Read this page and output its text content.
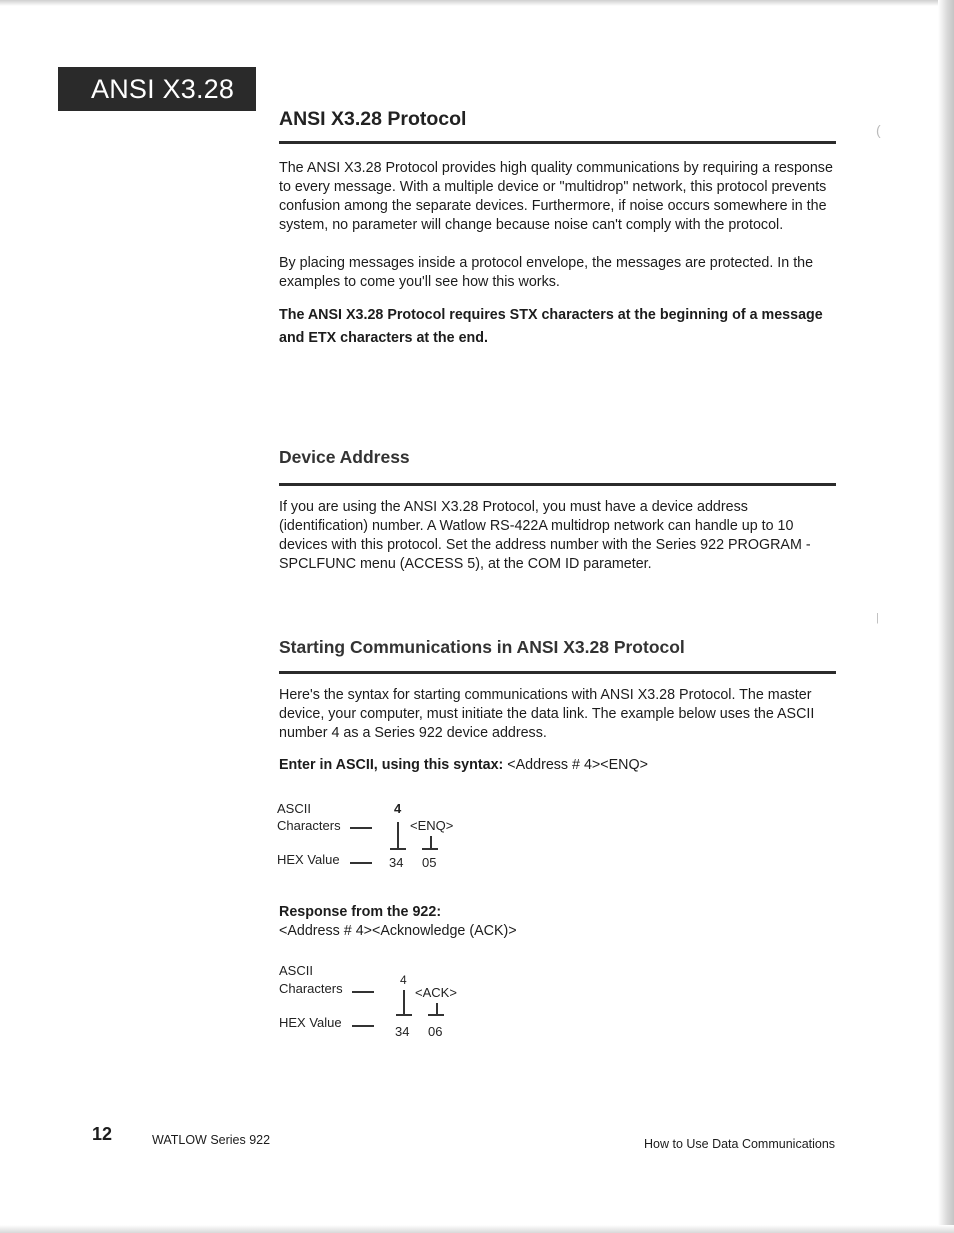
ANSI X3.28
ANSI X3.28 Protocol

The ANSI X3.28 Protocol provides high quality communications by requiring a response to every message. With a multiple device or "multidrop" network, this protocol prevents confusion among the separate devices. Furthermore, if noise occurs somewhere in the system, no parameter will change because noise can't comply with the protocol.

By placing messages inside a protocol envelope, the messages are protected. In the examples to come you'll see how this works.

The ANSI X3.28 Protocol requires STX characters at the beginning of a message and ETX characters at the end.

Device Address

If you are using the ANSI X3.28 Protocol, you must have a device address (identification) number. A Watlow RS-422A multidrop network can handle up to 10 devices with this protocol. Set the address number with the Series 922 PROGRAM - SPCLFUNC menu (ACCESS 5), at the COM ID parameter.

Starting Communications in ANSI X3.28 Protocol

Here's the syntax for starting communications with ANSI X3.28 Protocol. The master device, your computer, must initiate the data link. The example below uses the ASCII number 4 as a Series 922 device address.

Enter in ASCII, using this syntax: <Address # 4><ENQ>

ASCII
Characters
HEX Value
4
<ENQ>
34 05

Response from the 922:

<Address # 4><Acknowledge (ACK)>

ASCII
Characters
HEX Value
4
<ACK>
34 06
(
|
12	WATLOW Series 922	How to Use Data Communications
